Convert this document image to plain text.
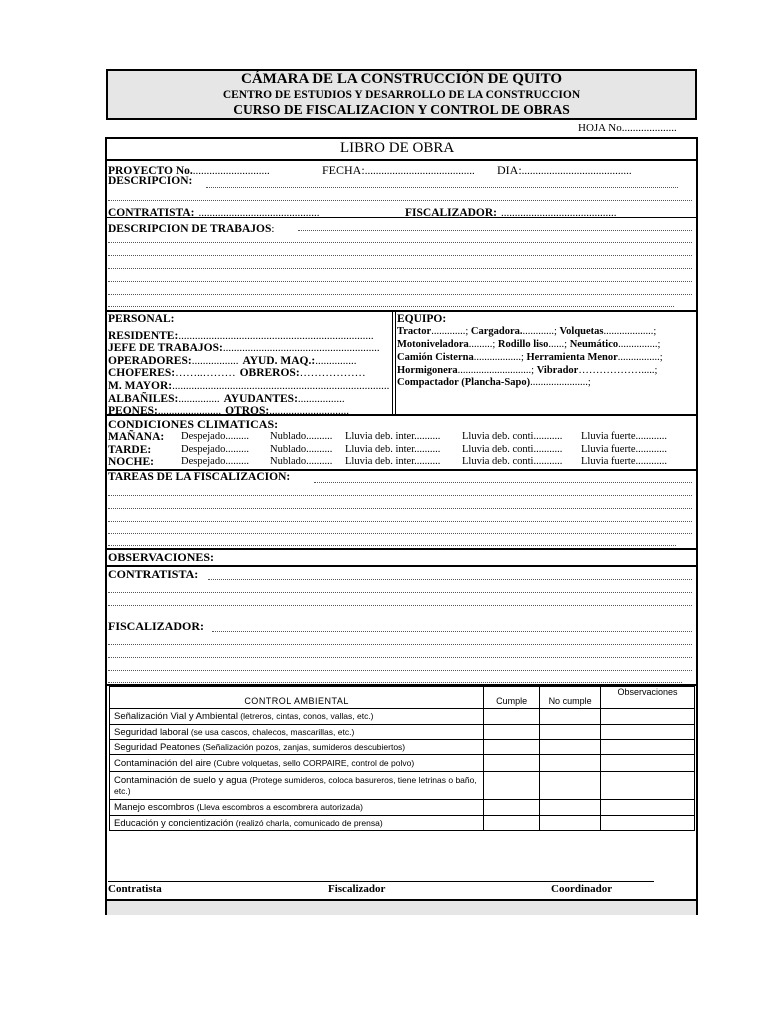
CÁMARA DE LA CONSTRUCCIÓN DE QUITO
CENTRO DE ESTUDIOS Y DESARROLLO DE LA CONSTRUCCION
CURSO DE FISCALIZACION Y CONTROL DE OBRAS
HOJA No....................
LIBRO DE OBRA
PROYECTO No.............................	FECHA:........................................ DIA:........................................
DESCRIPCION:
CONTRATISTA: ............................................	FISCALIZADOR: ..........................................
DESCRIPCION DE TRABAJOS:
PERSONAL:
RESIDENTE:.......................................................................
JEFE DE TRABAJOS:.........................................................
OPERADORES:................. AYUD. MAQ.:...............
CHOFERES:……..……… OBREROS:………………
M. MAYOR:...............................................................................
ALBAÑILES:............... AYUDANTES:.................
PEONES:....................... OTROS:.............................
EQUIPO:
Tractor.............; Cargadora.............; Volquetas...................;
Motoniveladora.........; Rodillo liso......; Neumático...............;
Camión Cisterna..................; Herramienta Menor................;
Hormigonera............................; Vibrador……………….....;
Compactador (Plancha-Sapo)......................;
CONDICIONES CLIMATICAS:
MAÑANA: Despejado......... Nublado.......... Lluvia deb. inter.......... Lluvia deb. conti........... Lluvia fuerte............
TARDE:	Despejado......... Nublado.......... Lluvia deb. inter.......... Lluvia deb. conti........... Lluvia fuerte............
NOCHE:	Despejado......... Nublado.......... Lluvia deb. inter.......... Lluvia deb. conti........... Lluvia fuerte............
TAREAS DE LA FISCALIZACION:
OBSERVACIONES:
CONTRATISTA:
FISCALIZADOR:
CONTROL AMBIENTAL	Cumple	No cumple	Observaciones
Señalización Vial y Ambiental (letreros, cintas, conos, vallas, etc.)			
Seguridad laboral (se usa cascos, chalecos, mascarillas, etc.)			
Seguridad Peatones (Señalización pozos, zanjas, sumideros descubiertos)			
Contaminación del aire (Cubre volquetas, sello CORPAIRE, control de polvo)			
Contaminación de suelo y agua (Protege sumideros, coloca basureros, tiene letrinas o baño, etc.)			
Manejo escombros (Lleva escombros a escombrera autorizada)			
Educación y concientización (realizó charla, comunicado de prensa)			
Contratista	Fiscalizador	Coordinador
